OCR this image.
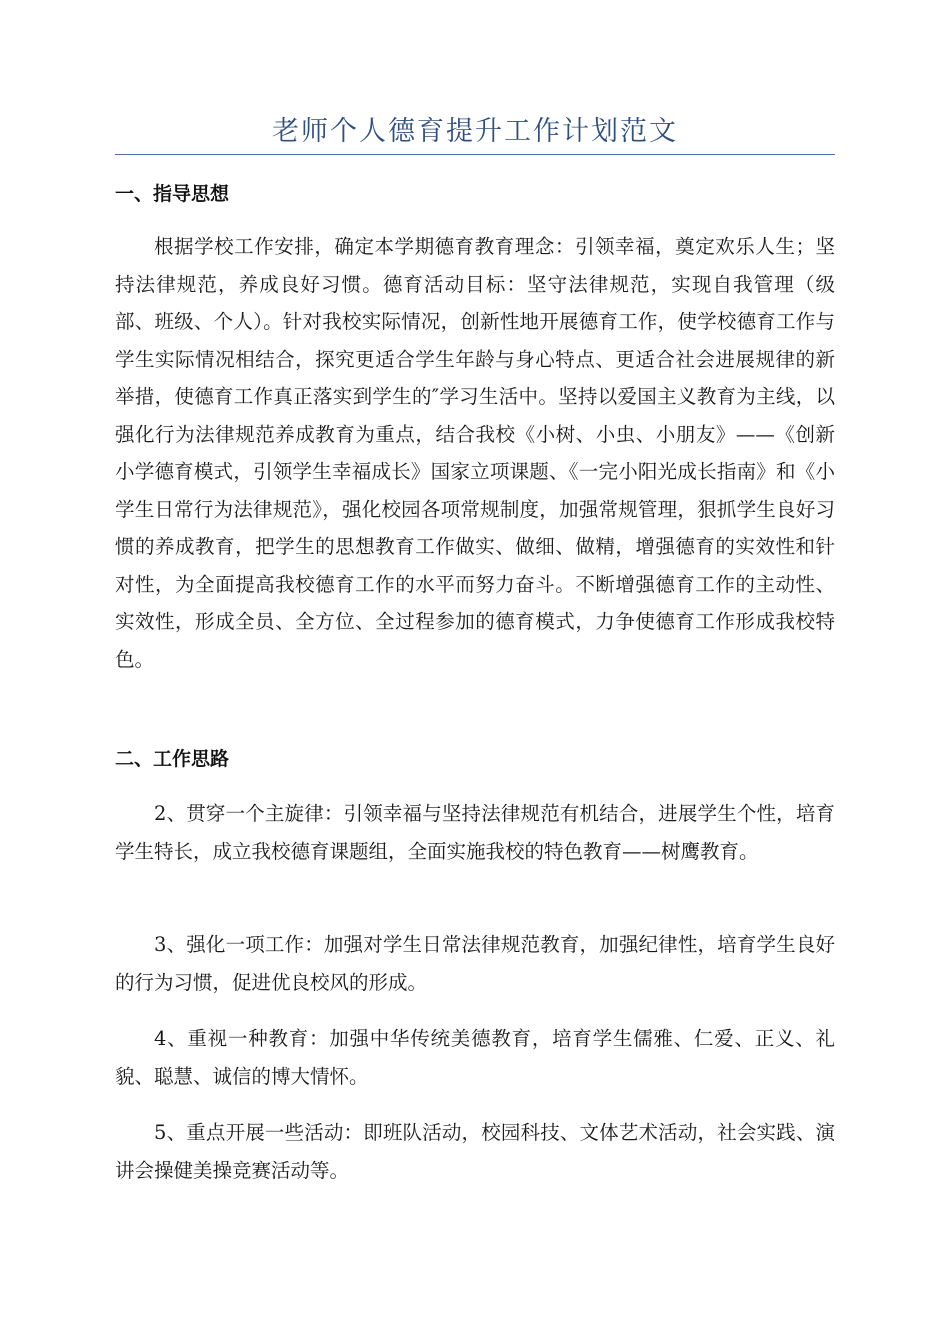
老师个人德育提升工作计划范文
一、指导思想

根据学校工作安排，确定本学期德育教育理念：引领幸福，奠定欢乐人生；坚持法律规范，养成良好习惯。德育活动目标：坚守法律规范，实现自我管理（级部、班级、个人）。针对我校实际情况，创新性地开展德育工作，使学校德育工作与学生实际情况相结合，探究更适合学生年龄与身心特点、更适合社会进展规律的新举措，使德育工作真正落实到学生的″学习生活中。坚持以爱国主义教育为主线，以强化行为法律规范养成教育为重点，结合我校《小树、小虫、小朋友》——《创新小学德育模式，引领学生幸福成长》国家立项课题、《一完小阳光成长指南》和《小学生日常行为法律规范》，强化校园各项常规制度，加强常规管理，狠抓学生良好习惯的养成教育，把学生的思想教育工作做实、做细、做精，增强德育的实效性和针对性，为全面提高我校德育工作的水平而努力奋斗。不断增强德育工作的主动性、实效性，形成全员、全方位、全过程参加的德育模式，力争使德育工作形成我校特色。

二、工作思路

2、贯穿一个主旋律：引领幸福与坚持法律规范有机结合，进展学生个性，培育学生特长，成立我校德育课题组，全面实施我校的特色教育——树鹰教育。

3、强化一项工作：加强对学生日常法律规范教育，加强纪律性，培育学生良好的行为习惯，促进优良校风的形成。

4、重视一种教育：加强中华传统美德教育，培育学生儒雅、仁爱、正义、礼貌、聪慧、诚信的博大情怀。

5、重点开展一些活动：即班队活动，校园科技、文体艺术活动，社会实践、演讲会操健美操竞赛活动等。
